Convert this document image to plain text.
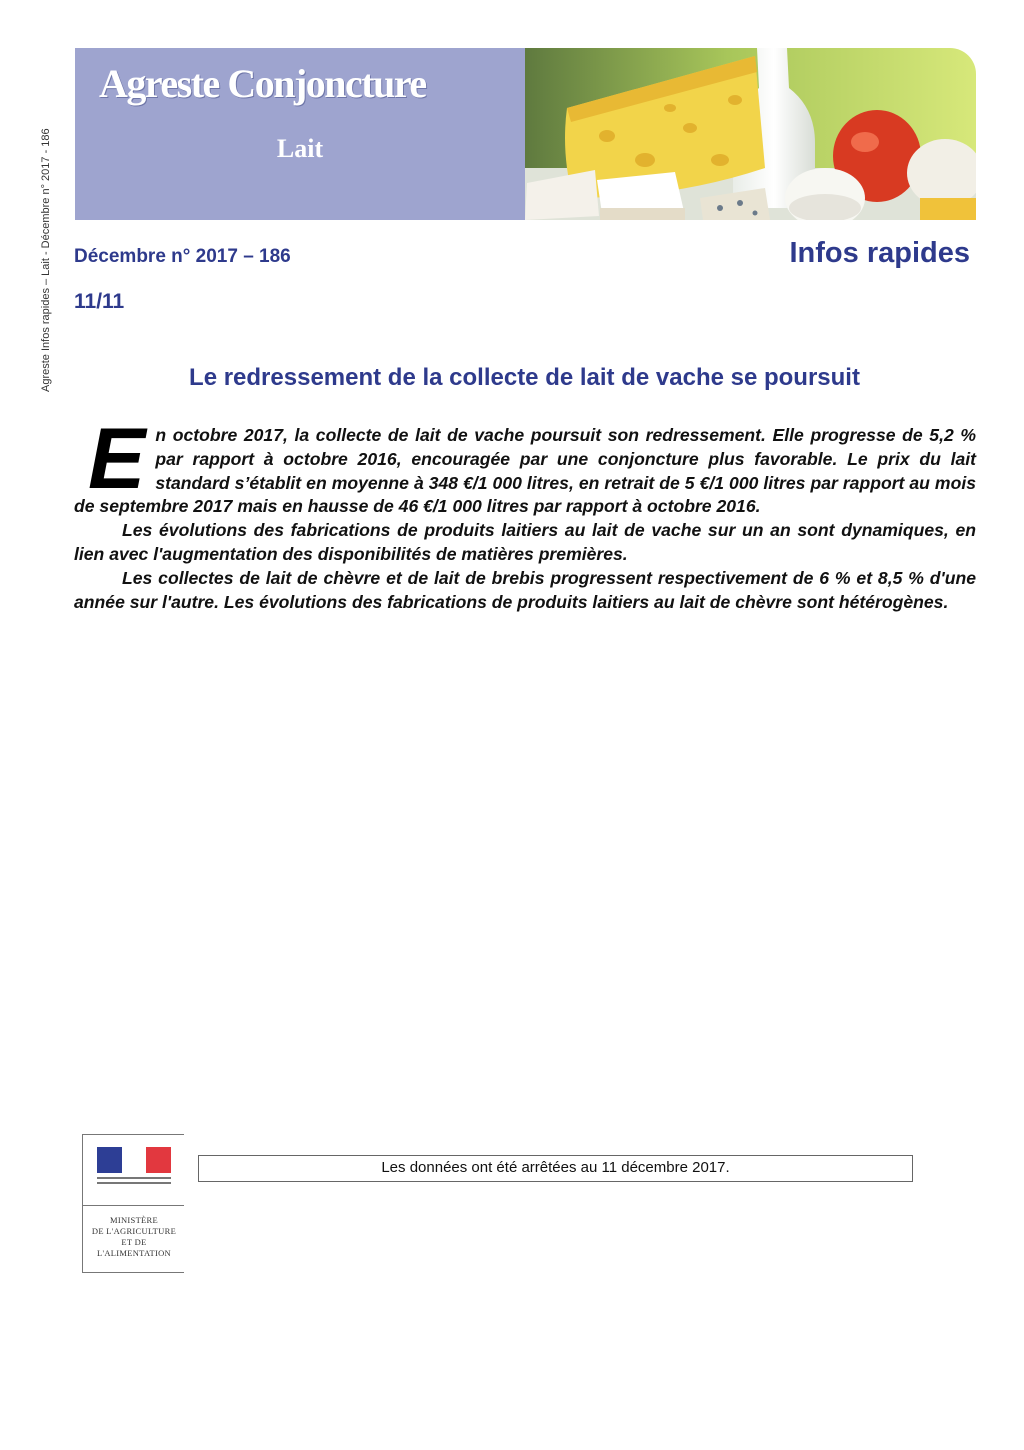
Agreste Infos rapides – Lait - Décembre n° 2017 - 186
Agreste Conjoncture
Lait
Décembre n° 2017 – 186	Infos rapides
11/11
Le redressement de la collecte de lait de vache se poursuit

En octobre 2017, la collecte de lait de vache poursuit son redressement. Elle progresse de 5,2 % par rapport à octobre 2016, encouragée par une conjoncture plus favorable. Le prix du lait standard s’établit en moyenne à 348 €/1 000 litres, en retrait de 5 €/1 000 litres par rapport au mois de septembre 2017 mais en hausse de 46 €/1 000 litres par rapport à octobre 2016.

Les évolutions des fabrications de produits laitiers au lait de vache sur un an sont dynamiques, en lien avec l'augmentation des disponibilités de matières premières.

Les collectes de lait de chèvre et de lait de brebis progressent respectivement de 6 % et 8,5 % d'une année sur l'autre. Les évolutions des fabrications de produits laitiers au lait de chèvre sont hétérogènes.

MINISTÈRE
DE L'AGRICULTURE
ET DE
L'ALIMENTATION
Les données ont été arrêtées au 11 décembre 2017.
